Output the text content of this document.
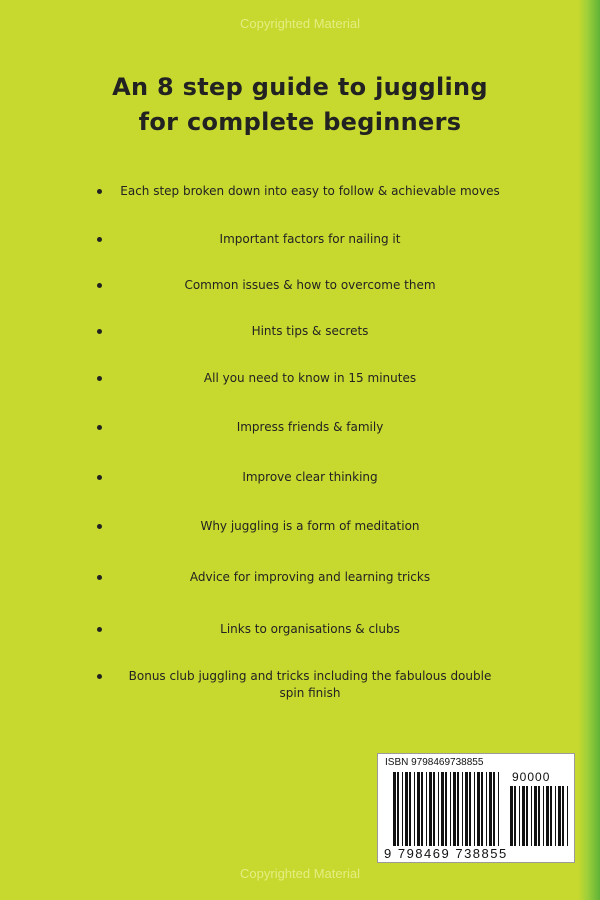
Copyrighted Material
An 8 step guide to juggling
for complete beginners
Each step broken down into easy to follow & achievable moves
Important factors for nailing it
Common issues & how to overcome them
Hints tips & secrets
All you need to know in 15 minutes
Impress friends & family
Improve clear thinking
Why juggling is a form of meditation
Advice for improving and learning tricks
Links to organisations & clubs
Bonus club juggling and tricks including the fabulous double spin finish
ISBN 9798469738855
9 798469 738855
90000
Copyrighted Material
